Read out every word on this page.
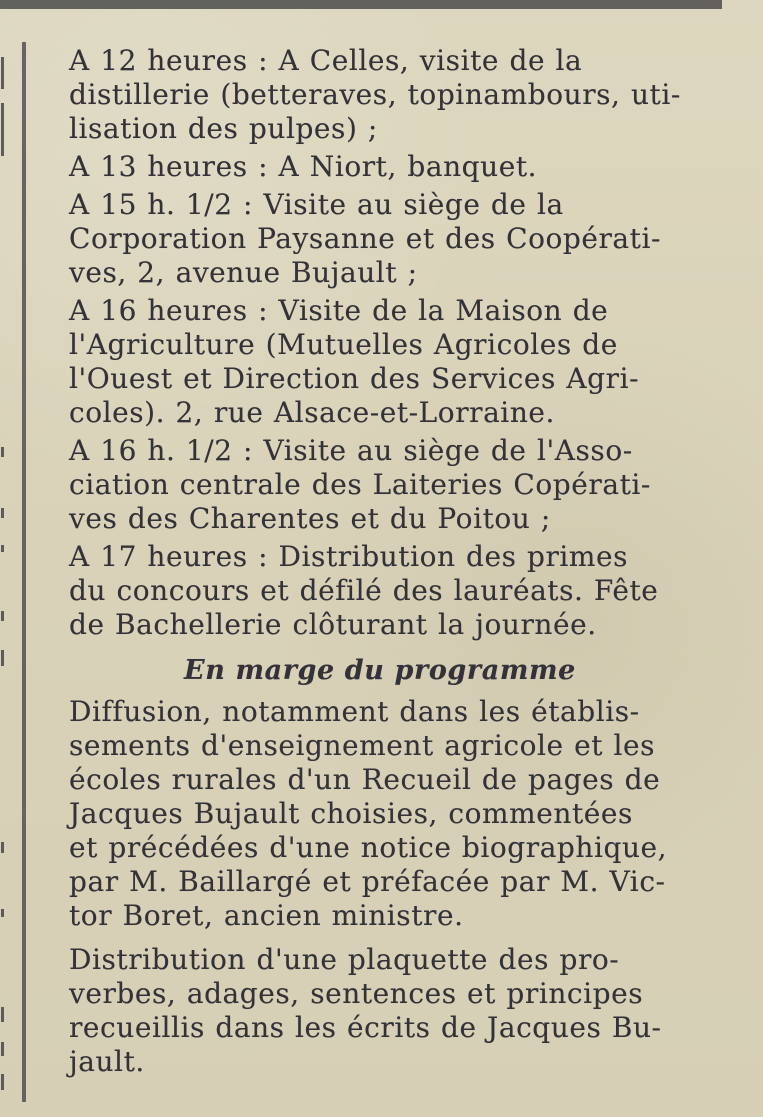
A 12 heures : A Celles, visite de la
distillerie (betteraves, topinambours, uti-
lisation des pulpes) ;

A 13 heures : A Niort, banquet.

A 15 h. 1/2 : Visite au siège de la
Corporation Paysanne et des Coopérati-
ves, 2, avenue Bujault ;

A 16 heures : Visite de la Maison de
l'Agriculture (Mutuelles Agricoles de
l'Ouest et Direction des Services Agri-
coles). 2, rue Alsace-et-Lorraine.

A 16 h. 1/2 : Visite au siège de l'Asso-
ciation centrale des Laiteries Copérati-
ves des Charentes et du Poitou ;

A 17 heures : Distribution des primes
du concours et défilé des lauréats. Fête
de Bachellerie clôturant la journée.

En marge du programme

Diffusion, notamment dans les établis-
sements d'enseignement agricole et les
écoles rurales d'un Recueil de pages de
Jacques Bujault choisies, commentées
et précédées d'une notice biographique,
par M. Baillargé et préfacée par M. Vic-
tor Boret, ancien ministre.

Distribution d'une plaquette des pro-
verbes, adages, sentences et principes
recueillis dans les écrits de Jacques Bu-
jault.
